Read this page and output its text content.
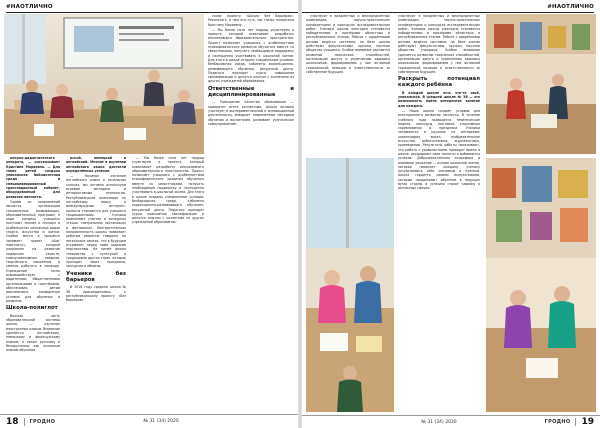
#НАОТЛИЧНО

опорно-дидактического аппарата, — рассказывает Кристина Мариевна. — Для таких детей создана уникальная библиотечная среда и специализированный трансляционный кабинет, оборудованный для развития личности.

Одним из направлений является организация специальных развивающих, образовательных программ, в ходе которых учащиеся получают знания о технике и особенностях различных видов спорта, искусства и жизни. Особое место в процессе занимает проект «Шаг навстречу», который направлен на развитие лидерских качеств, коммуникативных навыков, творческого мышления и умения работать в команде. Учреждение тесно взаимодействует с родителями, общественными организациями и партнёрами, обеспечивая детям максимально комфортные условия для обучения и развития.

Школа-полиглот

Важная часть образовательной системы школы — изучение иностранных языков. Внимание уделяется английскому, немецкому и французскому языкам, а также русскому и белорусскому как основным языкам обучения.

рской, немецкий и английский. Многие в изучении английского языка достигли определённых успехов.

— Начиная изучение английского языка в начальных классах, мы активно используем игровые методики и интерактивные технологии. Республиканская олимпиада по английскому языку и международные интернет-проекты становятся для учащихся традиционными. Ученики принимают участие в конкурсах чтецов, театральных постановках и фестивалях. Лингвистическая направленность школы позволяет ребятам уверенно говорить на нескольких языках, что в будущем открывает перед ними широкие перспективы. Не менее важно знакомство с культурой и традициями других стран, которое проходит через праздники, экскурсии и обмены.

Ученики без барьеров

В 2016 году средняя школа № 38 присоединилась к республиканскому проекту «Без барьеров».

скому проекту «Школа без барьеров». Рассказать, в чём его суть, мы также попросили Кристину Мариевну.

— Мы более пяти лет подряд учувствуем в проекте, который охватывает разработку инклюзивного образовательного пространства. Проект позволяет учащимся с особенностями психофизического развития обучаться вместе со сверстниками, получать необходимую поддержку и полноценно участвовать в школьной жизни. Для этого в школе созданы специальные условия: безбарьерная среда, кабинеты коррекционно-развивающего обучения, ресурсный центр. Педагоги проходят курсы повышения квалификации и делятся опытом с коллегами из других учреждений образования.

Ответственные и дисциплинированные

— Повышение качества образования — приоритет всего коллектива. Школа активно участвует в экспериментальной и инновационной деятельности, внедряет современные методики обучения и воспитания, развивает ученическое самоуправление.

— Мы более пяти лет подряд учувствуем в проекте, который охватывает разработку инклюзивного образовательного пространства. Проект позволяет учащимся с особенностями психофизического развития обучаться вместе со сверстниками, получать необходимую поддержку и полноценно участвовать в школьной жизни. Для этого в школе созданы специальные условия: безбарьерная среда, кабинеты коррекционно-развивающего обучения, ресурсный центр. Педагоги проходят курсы повышения квалификации и делятся опытом с коллегами из других учреждений образования.

18 ГРОДНО	№ 31 (34) 2020
#НАОТЛИЧНО

участвуют в предметных и межпредметных олимпиадах, научно-практических конференциях и конкурсах исследовательских работ. Ученики школы ежегодно становятся победителями и призёрами областных и республиканских этапов. Работа с одарёнными детьми ведётся системно: на базе школы действуют факультативы, кружки, научное общество учащихся. Особое внимание уделяется развитию творческих способностей, организации досуга и укреплению здоровья школьников, формированию у них активной гражданской позиции и ответственности за собственное будущее.

участвуют в предметных и межпредметных олимпиадах, научно-практических конференциях и конкурсах исследовательских работ. Ученики школы ежегодно становятся победителями и призёрами областных и республиканских этапов. Работа с одарёнными детьми ведётся системно: на базе школы действуют факультативы, кружки, научное общество учащихся. Особое внимание уделяется развитию творческих способностей, организации досуга и укреплению здоровья школьников, формированию у них активной гражданской позиции и ответственности за собственное будущее.

Раскрыть потенциал каждого ребёнка

В каждой школе есть что-то своё, уникальное. В средней школе № 38 — это возможность найти интересное занятие для каждого.

— Наша школа создаёт условия для всестороннего развития личности. В течение учебного года проводятся тематические недели, конкурсы, выставки, спортивные соревнования и праздники. Ученики занимаются в кружках по интересам: хореография, вокал, изобразительное искусство, робототехника, журналистика, краеведение. Результаты работы показывают, что ребята с удовольствием проводят время в школе, раскрывают свои таланты и добиваются успехов. Доброжелательная атмосфера и взаимное уважение — основа школьной жизни, которая помогает каждому ученику почувствовать себя значимым и нужным. Школа гордится своими выпускниками, которые продолжают обучение в ведущих вузах страны и успешно строят карьеру в различных сферах.

№ 31 (34) 2020	ГРОДНО 19
